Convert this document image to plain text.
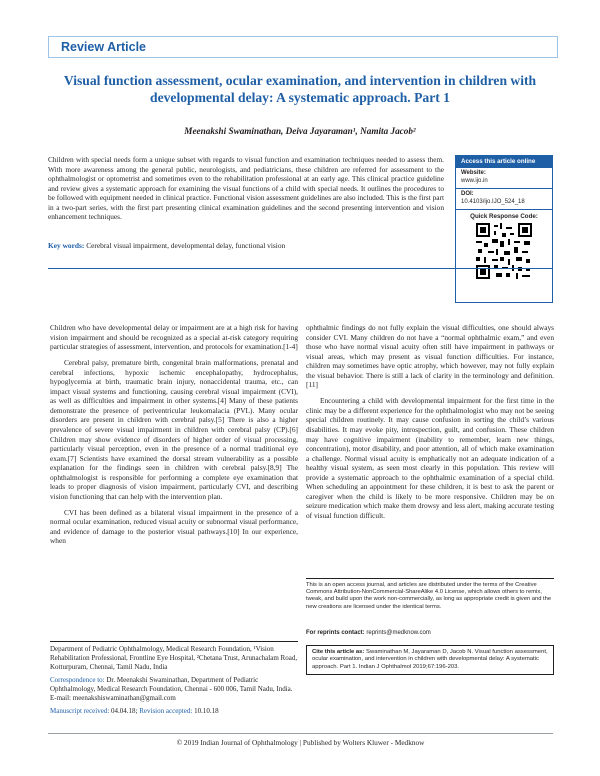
Review Article
Visual function assessment, ocular examination, and intervention in children with developmental delay: A systematic approach. Part 1
Meenakshi Swaminathan, Deiva Jayaraman¹, Namita Jacob²
Children with special needs form a unique subset with regards to visual function and examination techniques needed to assess them. With more awareness among the general public, neurologists, and pediatricians, these children are referred for assessment to the ophthalmologist or optometrist and sometimes even to the rehabilitation professional at an early age. This clinical practice guideline and review gives a systematic approach for examining the visual functions of a child with special needs. It outlines the procedures to be followed with equipment needed in clinical practice. Functional vision assessment guidelines are also included. This is the first part in a two-part series, with the first part presenting clinical examination guidelines and the second presenting intervention and vision enhancement techniques.
Key words: Cerebral visual impairment, developmental delay, functional vision
Access this article online
Website:
www.ijo.in
DOI:
10.4103/ijo.IJO_524_18
Quick Response Code:

Children who have developmental delay or impairment are at a high risk for having vision impairment and should be recognized as a special at-risk category requiring particular strategies of assessment, intervention, and protocols for examination.[1-4]

Cerebral palsy, premature birth, congenital brain malformations, prenatal and cerebral infections, hypoxic ischemic encephalopathy, hydrocephalus, hypoglycemia at birth, traumatic brain injury, nonaccidental trauma, etc., can impact visual systems and functioning, causing cerebral visual impairment (CVI), as well as difficulties and impairment in other systems.[4] Many of these patients demonstrate the presence of periventricular leukomalacia (PVL). Many ocular disorders are present in children with cerebral palsy.[5] There is also a higher prevalence of severe visual impairment in children with cerebral palsy (CP).[6] Children may show evidence of disorders of higher order of visual processing, particularly visual perception, even in the presence of a normal traditional eye exam.[7] Scientists have examined the dorsal stream vulnerability as a possible explanation for the findings seen in children with cerebral palsy.[8,9] The ophthalmologist is responsible for performing a complete eye examination that leads to proper diagnosis of vision impairment, particularly CVI, and describing vision functioning that can help with the intervention plan.

CVI has been defined as a bilateral visual impairment in the presence of a normal ocular examination, reduced visual acuity or subnormal visual performance, and evidence of damage to the posterior visual pathways.[10] In our experience, when

ophthalmic findings do not fully explain the visual difficulties, one should always consider CVI. Many children do not have a “normal ophthalmic exam,” and even those who have normal visual acuity often still have impairment in pathways or visual areas, which may present as visual function difficulties. For instance, children may sometimes have optic atrophy, which however, may not fully explain the visual behavior. There is still a lack of clarity in the terminology and definition.[11]

Encountering a child with developmental impairment for the first time in the clinic may be a different experience for the ophthalmologist who may not be seeing special children routinely. It may cause confusion in sorting the child’s various disabilities. It may evoke pity, introspection, guilt, and confusion. These children may have cognitive impairment (inability to remember, learn new things, concentration), motor disability, and poor attention, all of which make examination a challenge. Normal visual acuity is emphatically not an adequate indication of a healthy visual system, as seen most clearly in this population. This review will provide a systematic approach to the ophthalmic examination of a special child. When scheduling an appointment for these children, it is best to ask the parent or caregiver when the child is likely to be more responsive. Children may be on seizure medication which make them drowsy and less alert, making accurate testing of visual function difficult.

Department of Pediatric Ophthalmology, Medical Research Foundation, ¹Vision Rehabilitation Professional, Frontline Eye Hospital, ²Chetana Trust, Arunachalam Road, Kotturpuram, Chennai, Tamil Nadu, India

Correspondence to: Dr. Meenakshi Swaminathan, Department of Pediatric Ophthalmology, Medical Research Foundation, Chennai - 600 006, Tamil Nadu, India. E-mail: meenakshiswaminathan@gmail.com

Manuscript received: 04.04.18; Revision accepted: 10.10.18

This is an open access journal, and articles are distributed under the terms of the Creative Commons Attribution-NonCommercial-ShareAlike 4.0 License, which allows others to remix, tweak, and build upon the work non-commercially, as long as appropriate credit is given and the new creations are licensed under the identical terms.
For reprints contact: reprints@medknow.com
Cite this article as: Swaminathan M, Jayaraman D, Jacob N. Visual function assessment, ocular examination, and intervention in children with developmental delay: A systematic approach. Part 1. Indian J Ophthalmol 2019;67:196-203.
© 2019 Indian Journal of Ophthalmology | Published by Wolters Kluwer - Medknow
